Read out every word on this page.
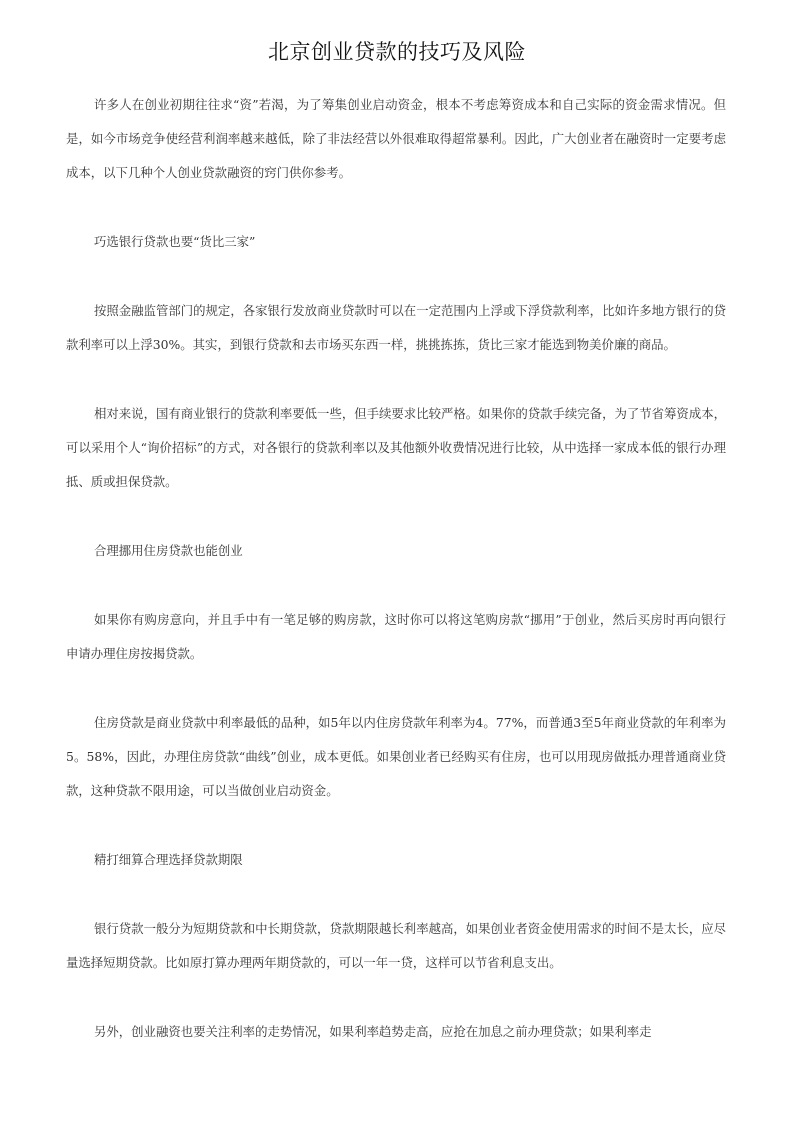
北京创业贷款的技巧及风险

许多人在创业初期往往求“资”若渴，为了筹集创业启动资金，根本不考虑筹资成本和自己实际的资金需求情况。但是，如今市场竞争使经营利润率越来越低，除了非法经营以外很难取得超常暴利。因此，广大创业者在融资时一定要考虑成本，以下几种个人创业贷款融资的窍门供你参考。

巧选银行贷款也要“货比三家”

按照金融监管部门的规定，各家银行发放商业贷款时可以在一定范围内上浮或下浮贷款利率，比如许多地方银行的贷款利率可以上浮30%。其实，到银行贷款和去市场买东西一样，挑挑拣拣，货比三家才能选到物美价廉的商品。

相对来说，国有商业银行的贷款利率要低一些，但手续要求比较严格。如果你的贷款手续完备，为了节省筹资成本，可以采用个人“询价招标”的方式，对各银行的贷款利率以及其他额外收费情况进行比较，从中选择一家成本低的银行办理抵、质或担保贷款。

合理挪用住房贷款也能创业

如果你有购房意向，并且手中有一笔足够的购房款，这时你可以将这笔购房款“挪用”于创业，然后买房时再向银行申请办理住房按揭贷款。

住房贷款是商业贷款中利率最低的品种，如5年以内住房贷款年利率为4。77%，而普通3至5年商业贷款的年利率为5。58%，因此，办理住房贷款“曲线”创业，成本更低。如果创业者已经购买有住房，也可以用现房做抵办理普通商业贷款，这种贷款不限用途，可以当做创业启动资金。

精打细算合理选择贷款期限

银行贷款一般分为短期贷款和中长期贷款，贷款期限越长利率越高，如果创业者资金使用需求的时间不是太长，应尽量选择短期贷款。比如原打算办理两年期贷款的，可以一年一贷，这样可以节省利息支出。

另外，创业融资也要关注利率的走势情况，如果利率趋势走高，应抢在加息之前办理贷款；如果利率走
